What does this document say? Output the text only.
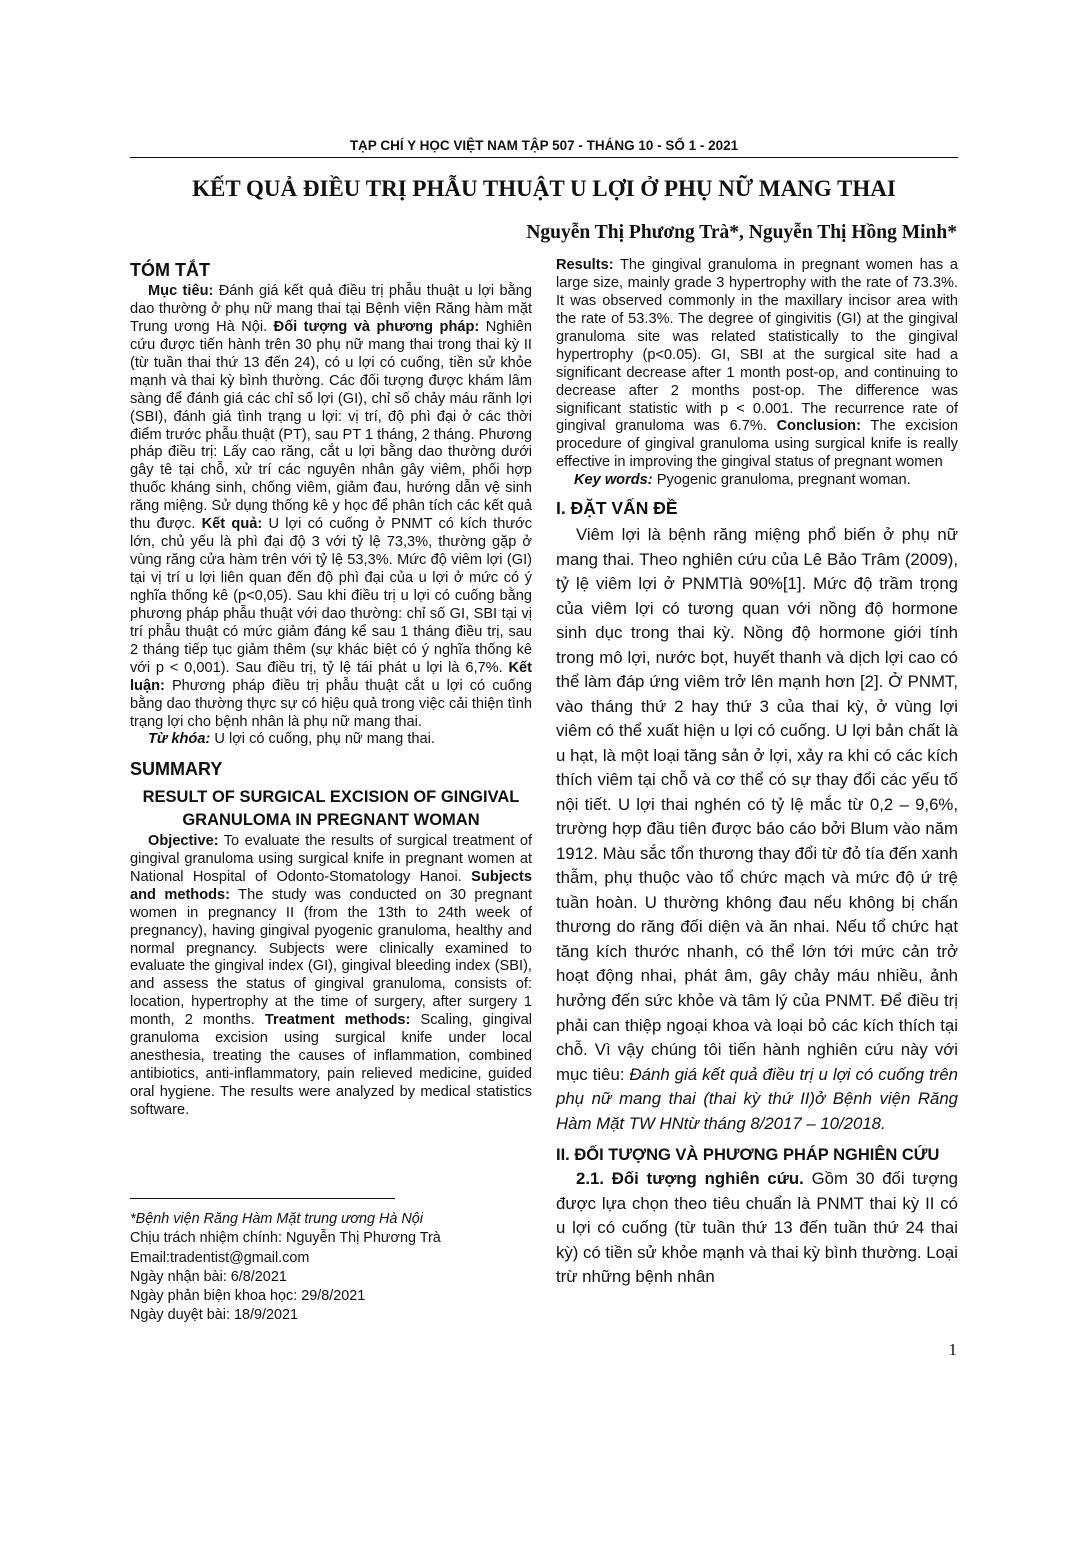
TẠP CHÍ Y HỌC VIỆT NAM TẬP 507 - THÁNG 10 - SỐ 1 - 2021
KẾT QUẢ ĐIỀU TRỊ PHẪU THUẬT U LỢI Ở PHỤ NỮ MANG THAI
Nguyễn Thị Phương Trà*, Nguyễn Thị Hồng Minh*
TÓM TẮT

Mục tiêu: Đánh giá kết quả điều trị phẫu thuật u lợi bằng dao thường ở phụ nữ mang thai tại Bệnh viện Răng hàm mặt Trung ương Hà Nội. Đối tượng và phương pháp: Nghiên cứu được tiến hành trên 30 phụ nữ mang thai trong thai kỳ II (từ tuần thai thứ 13 đến 24), có u lợi có cuống, tiền sử khỏe mạnh và thai kỳ bình thường. Các đối tượng được khám lâm sàng để đánh giá các chỉ số lợi (GI), chỉ số chảy máu rãnh lợi (SBI), đánh giá tình trạng u lợi: vị trí, độ phì đại ở các thời điểm trước phẫu thuật (PT), sau PT 1 tháng, 2 tháng. Phương pháp điều trị: Lấy cao răng, cắt u lợi bằng dao thường dưới gây tê tại chỗ, xử trí các nguyên nhân gây viêm, phối hợp thuốc kháng sinh, chống viêm, giảm đau, hướng dẫn vệ sinh răng miệng. Sử dụng thống kê y học để phân tích các kết quả thu được. Kết quả: U lợi có cuống ở PNMT có kích thước lớn, chủ yếu là phì đại độ 3 với tỷ lệ 73,3%, thường gặp ở vùng răng cửa hàm trên với tỷ lệ 53,3%. Mức độ viêm lợi (GI) tại vị trí u lợi liên quan đến độ phì đại của u lợi ở mức có ý nghĩa thống kê (p<0,05). Sau khi điều trị u lợi có cuống bằng phương pháp phẫu thuật với dao thường: chỉ số GI, SBI tại vị trí phẫu thuật có mức giảm đáng kể sau 1 tháng điều trị, sau 2 tháng tiếp tục giảm thêm (sự khác biệt có ý nghĩa thống kê với p < 0,001). Sau điều trị, tỷ lệ tái phát u lợi là 6,7%. Kết luận: Phương pháp điều trị phẫu thuật cắt u lợi có cuống bằng dao thường thực sự có hiệu quả trong việc cải thiện tình trạng lợi cho bệnh nhân là phụ nữ mang thai.

Từ khóa: U lợi có cuống, phụ nữ mang thai.

SUMMARY
RESULT OF SURGICAL EXCISION OF GINGIVAL GRANULOMA IN PREGNANT WOMAN

Objective: To evaluate the results of surgical treatment of gingival granuloma using surgical knife in pregnant women at National Hospital of Odonto-Stomatology Hanoi. Subjects and methods: The study was conducted on 30 pregnant women in pregnancy II (from the 13th to 24th week of pregnancy), having gingival pyogenic granuloma, healthy and normal pregnancy. Subjects were clinically examined to evaluate the gingival index (GI), gingival bleeding index (SBI), and assess the status of gingival granuloma, consists of: location, hypertrophy at the time of surgery, after surgery 1 month, 2 months. Treatment methods: Scaling, gingival granuloma excision using surgical knife under local anesthesia, treating the causes of inflammation, combined antibiotics, anti-inflammatory, pain relieved medicine, guided oral hygiene. The results were analyzed by medical statistics software.

*Bệnh viện Răng Hàm Mặt trung ương Hà Nội
Chịu trách nhiệm chính: Nguyễn Thị Phương Trà
Email:tradentist@gmail.com
Ngày nhận bài: 6/8/2021
Ngày phản biện khoa học: 29/8/2021
Ngày duyệt bài: 18/9/2021

Results: The gingival granuloma in pregnant women has a large size, mainly grade 3 hypertrophy with the rate of 73.3%. It was observed commonly in the maxillary incisor area with the rate of 53.3%. The degree of gingivitis (GI) at the gingival granuloma site was related statistically to the gingival hypertrophy (p<0.05). GI, SBI at the surgical site had a significant decrease after 1 month post-op, and continuing to decrease after 2 months post-op. The difference was significant statistic with p < 0.001. The recurrence rate of gingival granuloma was 6.7%. Conclusion: The excision procedure of gingival granuloma using surgical knife is really effective in improving the gingival status of pregnant women

Key words: Pyogenic granuloma, pregnant woman.

I. ĐẶT VẤN ĐỀ

Viêm lợi là bệnh răng miệng phổ biến ở phụ nữ mang thai. Theo nghiên cứu của Lê Bảo Trâm (2009), tỷ lệ viêm lợi ở PNMTlà 90%[1]. Mức độ trầm trọng của viêm lợi có tương quan với nồng độ hormone sinh dục trong thai kỳ. Nồng độ hormone giới tính trong mô lợi, nước bọt, huyết thanh và dịch lợi cao có thể làm đáp ứng viêm trở lên mạnh hơn [2]. Ở PNMT, vào tháng thứ 2 hay thứ 3 của thai kỳ, ở vùng lợi viêm có thể xuất hiện u lợi có cuống. U lợi bản chất là u hạt, là một loại tăng sản ở lợi, xảy ra khi có các kích thích viêm tại chỗ và cơ thể có sự thay đổi các yếu tố nội tiết. U lợi thai nghén có tỷ lệ mắc từ 0,2 – 9,6%, trường hợp đầu tiên được báo cáo bởi Blum vào năm 1912. Màu sắc tổn thương thay đổi từ đỏ tía đến xanh thẫm, phụ thuộc vào tổ chức mạch và mức độ ứ trệ tuần hoàn. U thường không đau nếu không bị chấn thương do răng đối diện và ăn nhai. Nếu tổ chức hạt tăng kích thước nhanh, có thể lớn tới mức cản trở hoạt động nhai, phát âm, gây chảy máu nhiều, ảnh hưởng đến sức khỏe và tâm lý của PNMT. Để điều trị phải can thiệp ngoại khoa và loại bỏ các kích thích tại chỗ. Vì vậy chúng tôi tiến hành nghiên cứu này với mục tiêu: Đánh giá kết quả điều trị u lợi có cuống trên phụ nữ mang thai (thai kỳ thứ II)ở Bệnh viện Răng Hàm Mặt TW HNtừ tháng 8/2017 – 10/2018.

II. ĐỐI TƯỢNG VÀ PHƯƠNG PHÁP NGHIÊN CỨU

2.1. Đối tượng nghiên cứu. Gồm 30 đối tượng được lựa chọn theo tiêu chuẩn là PNMT thai kỳ II có u lợi có cuống (từ tuần thứ 13 đến tuần thứ 24 thai kỳ) có tiền sử khỏe mạnh và thai kỳ bình thường. Loại trừ những bệnh nhân

1
